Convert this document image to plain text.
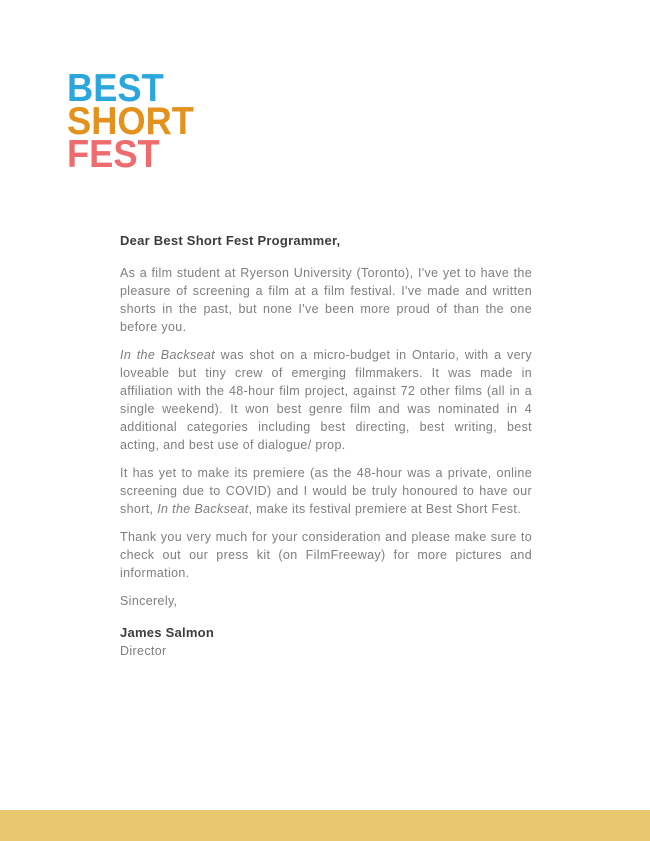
BEST
SHORT
FEST
Dear Best Short Fest Programmer,

As a film student at Ryerson University (Toronto), I've yet to have the pleasure of screening a film at a film festival. I've made and written shorts in the past, but none I've been more proud of than the one before you.

In the Backseat was shot on a micro-budget in Ontario, with a very loveable but tiny crew of emerging filmmakers. It was made in affiliation with the 48-hour film project, against 72 other films (all in a single weekend). It won best genre film and was nominated in 4 additional categories including best directing, best writing, best acting, and best use of dialogue/ prop.

It has yet to make its premiere (as the 48-hour was a private, online screening due to COVID) and I would be truly honoured to have our short, In the Backseat, make its festival premiere at Best Short Fest.

Thank you very much for your consideration and please make sure to check out our press kit (on FilmFreeway) for more pictures and information.

Sincerely,
James Salmon
Director
